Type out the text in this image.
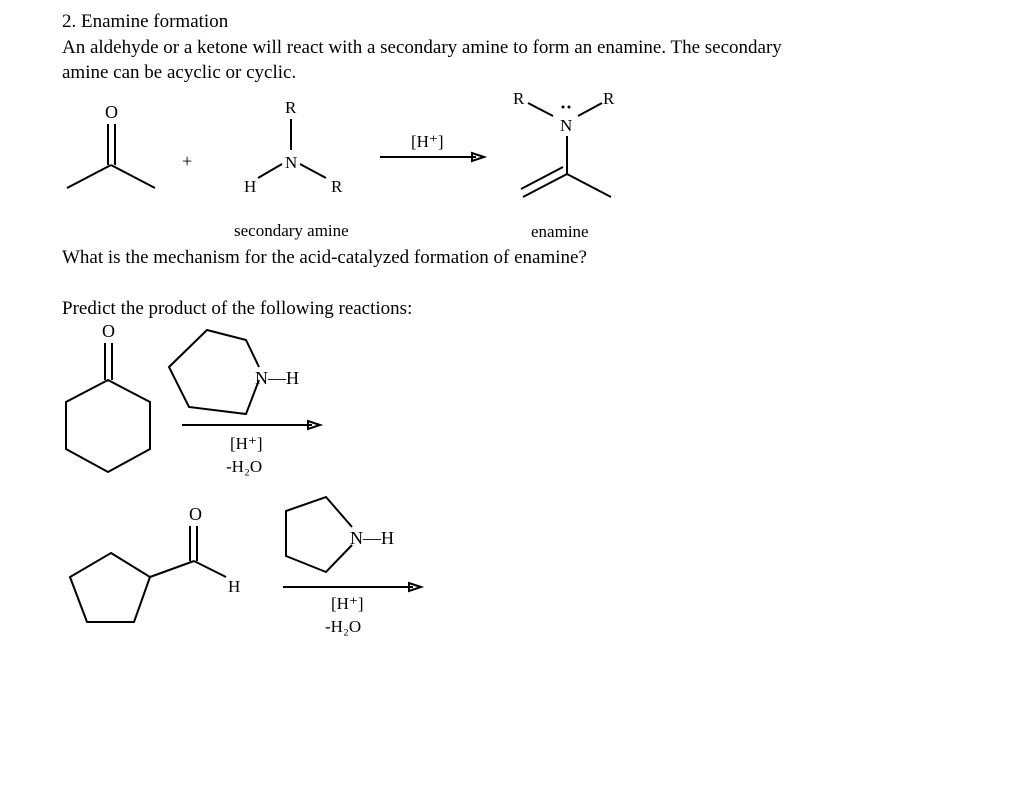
2. Enamine formation
An aldehyde or a ketone will react with a secondary amine to form an enamine. The secondary
amine can be acyclic or cyclic.
secondary amine	enamine
What is the mechanism for the acid-catalyzed formation of enamine?
Predict the product of the following reactions:
O
+
R
N
H	R
[H⁺]
R	R
N
O
N—H
[H⁺]
-H₂O
O
H
N—H
[H⁺]
-H₂O
